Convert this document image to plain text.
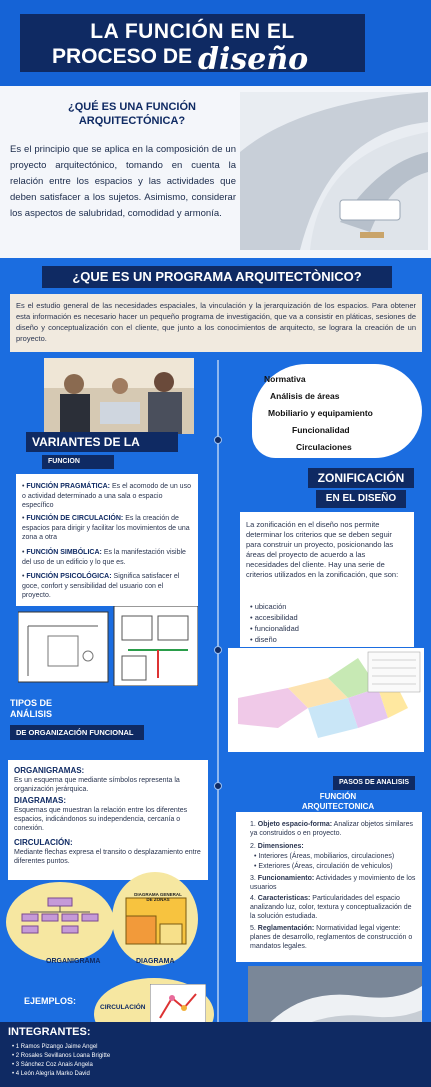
LA FUNCIÓN EN EL
PROCESO DE diseño
¿QUÉ ES UNA FUNCIÓN ARQUITECTÓNICA?
Es el principio que se aplica en la composición de un proyecto arquitectónico, tomando en cuenta la relación entre los espacios y las actividades que deben satisfacer a los sujetos. Asimismo, considerar los aspectos de salubridad, comodidad y armonía.
¿QUE ES UN PROGRAMA ARQUITECTÒNICO?
Es el estudio general de las necesidades espaciales, la vinculación y la jerarquización de los espacios. Para obtener esta información es necesario hacer un pequeño programa de investigación, que va a consistir en pláticas, sesiones de diseño y conceptualización con el cliente, que junto a los conocimientos de arquitecto, se lograra la creación de un proyecto.
Normativa
Análisis de áreas
Mobiliario y equipamiento
Funcionalidad
Circulaciones
VARIANTES DE LA
FUNCION
• FUNCIÓN PRAGMÁTICA: Es el acomodo de un uso o actividad determinado a una sala o espacio específico
• FUNCIÓN DE CIRCULACIÓN: Es la creación de espacios para dirigir y facilitar los movimientos de una zona a otra
• FUNCIÓN SIMBÓLICA: Es la manifestación visible del uso de un edificio y lo que es.
• FUNCIÓN PSICOLÓGICA: Significa satisfacer el goce, confort y sensibilidad del usuario con el proyecto.
ZONIFICACIÓN
EN EL DISEÑO
La zonificación en el diseño nos permite determinar los criterios que se deben seguir para construir un proyecto, posicionando las áreas del proyecto de acuerdo a las necesidades del cliente. Hay una serie de criterios utilizados en la zonificación, que son:
• ubicación
• accesibilidad
• funcionalidad
• diseño
TIPOS DE ANÁLISIS
DE ORGANIZACIÓN FUNCIONAL
ORGANIGRAMAS:
Es un esquema que mediante símbolos representa la organización jerárquica.
DIAGRAMAS:
Esquemas que muestran la relación entre los diferentes espacios, indicándonos su independencia, cercanía o conexión.
CIRCULACIÓN:
Mediante flechas expresa el transito o desplazamiento entre diferentes puntos.
PASOS DE ANALISIS
FUNCIÓN ARQUITECTONICA
1. Objeto espacio-forma: Analizar objetos similares ya construidos o en proyecto.
2. Dimensiones:
• Interiores (Áreas, mobiliarios, circulaciones)
• Exteriores (Áreas, circulación de vehiculos)
3. Funcionamiento: Actividades y movimiento de los usuarios
4. Caracteristicas: Particularidades del espacio analizando luz, color, textura y conceptualización de la solución estudiada.
5. Reglamentación: Normatividad legal vigente: planes de desarrollo, reglamentos de construcción o mandatos legales.
ORGANIGRAMA
DIAGRAMA GENERAL DE ZONAS
DIAGRAMA
EJEMPLOS:
CIRCULACIÓN
INTEGRANTES:
• 1 Ramos Pizango Jaime Angel
• 2 Rosales Sevillanos Loana Brigitte
• 3 Sánchez Coz Anais Angela
• 4 León Alegría Marko David
